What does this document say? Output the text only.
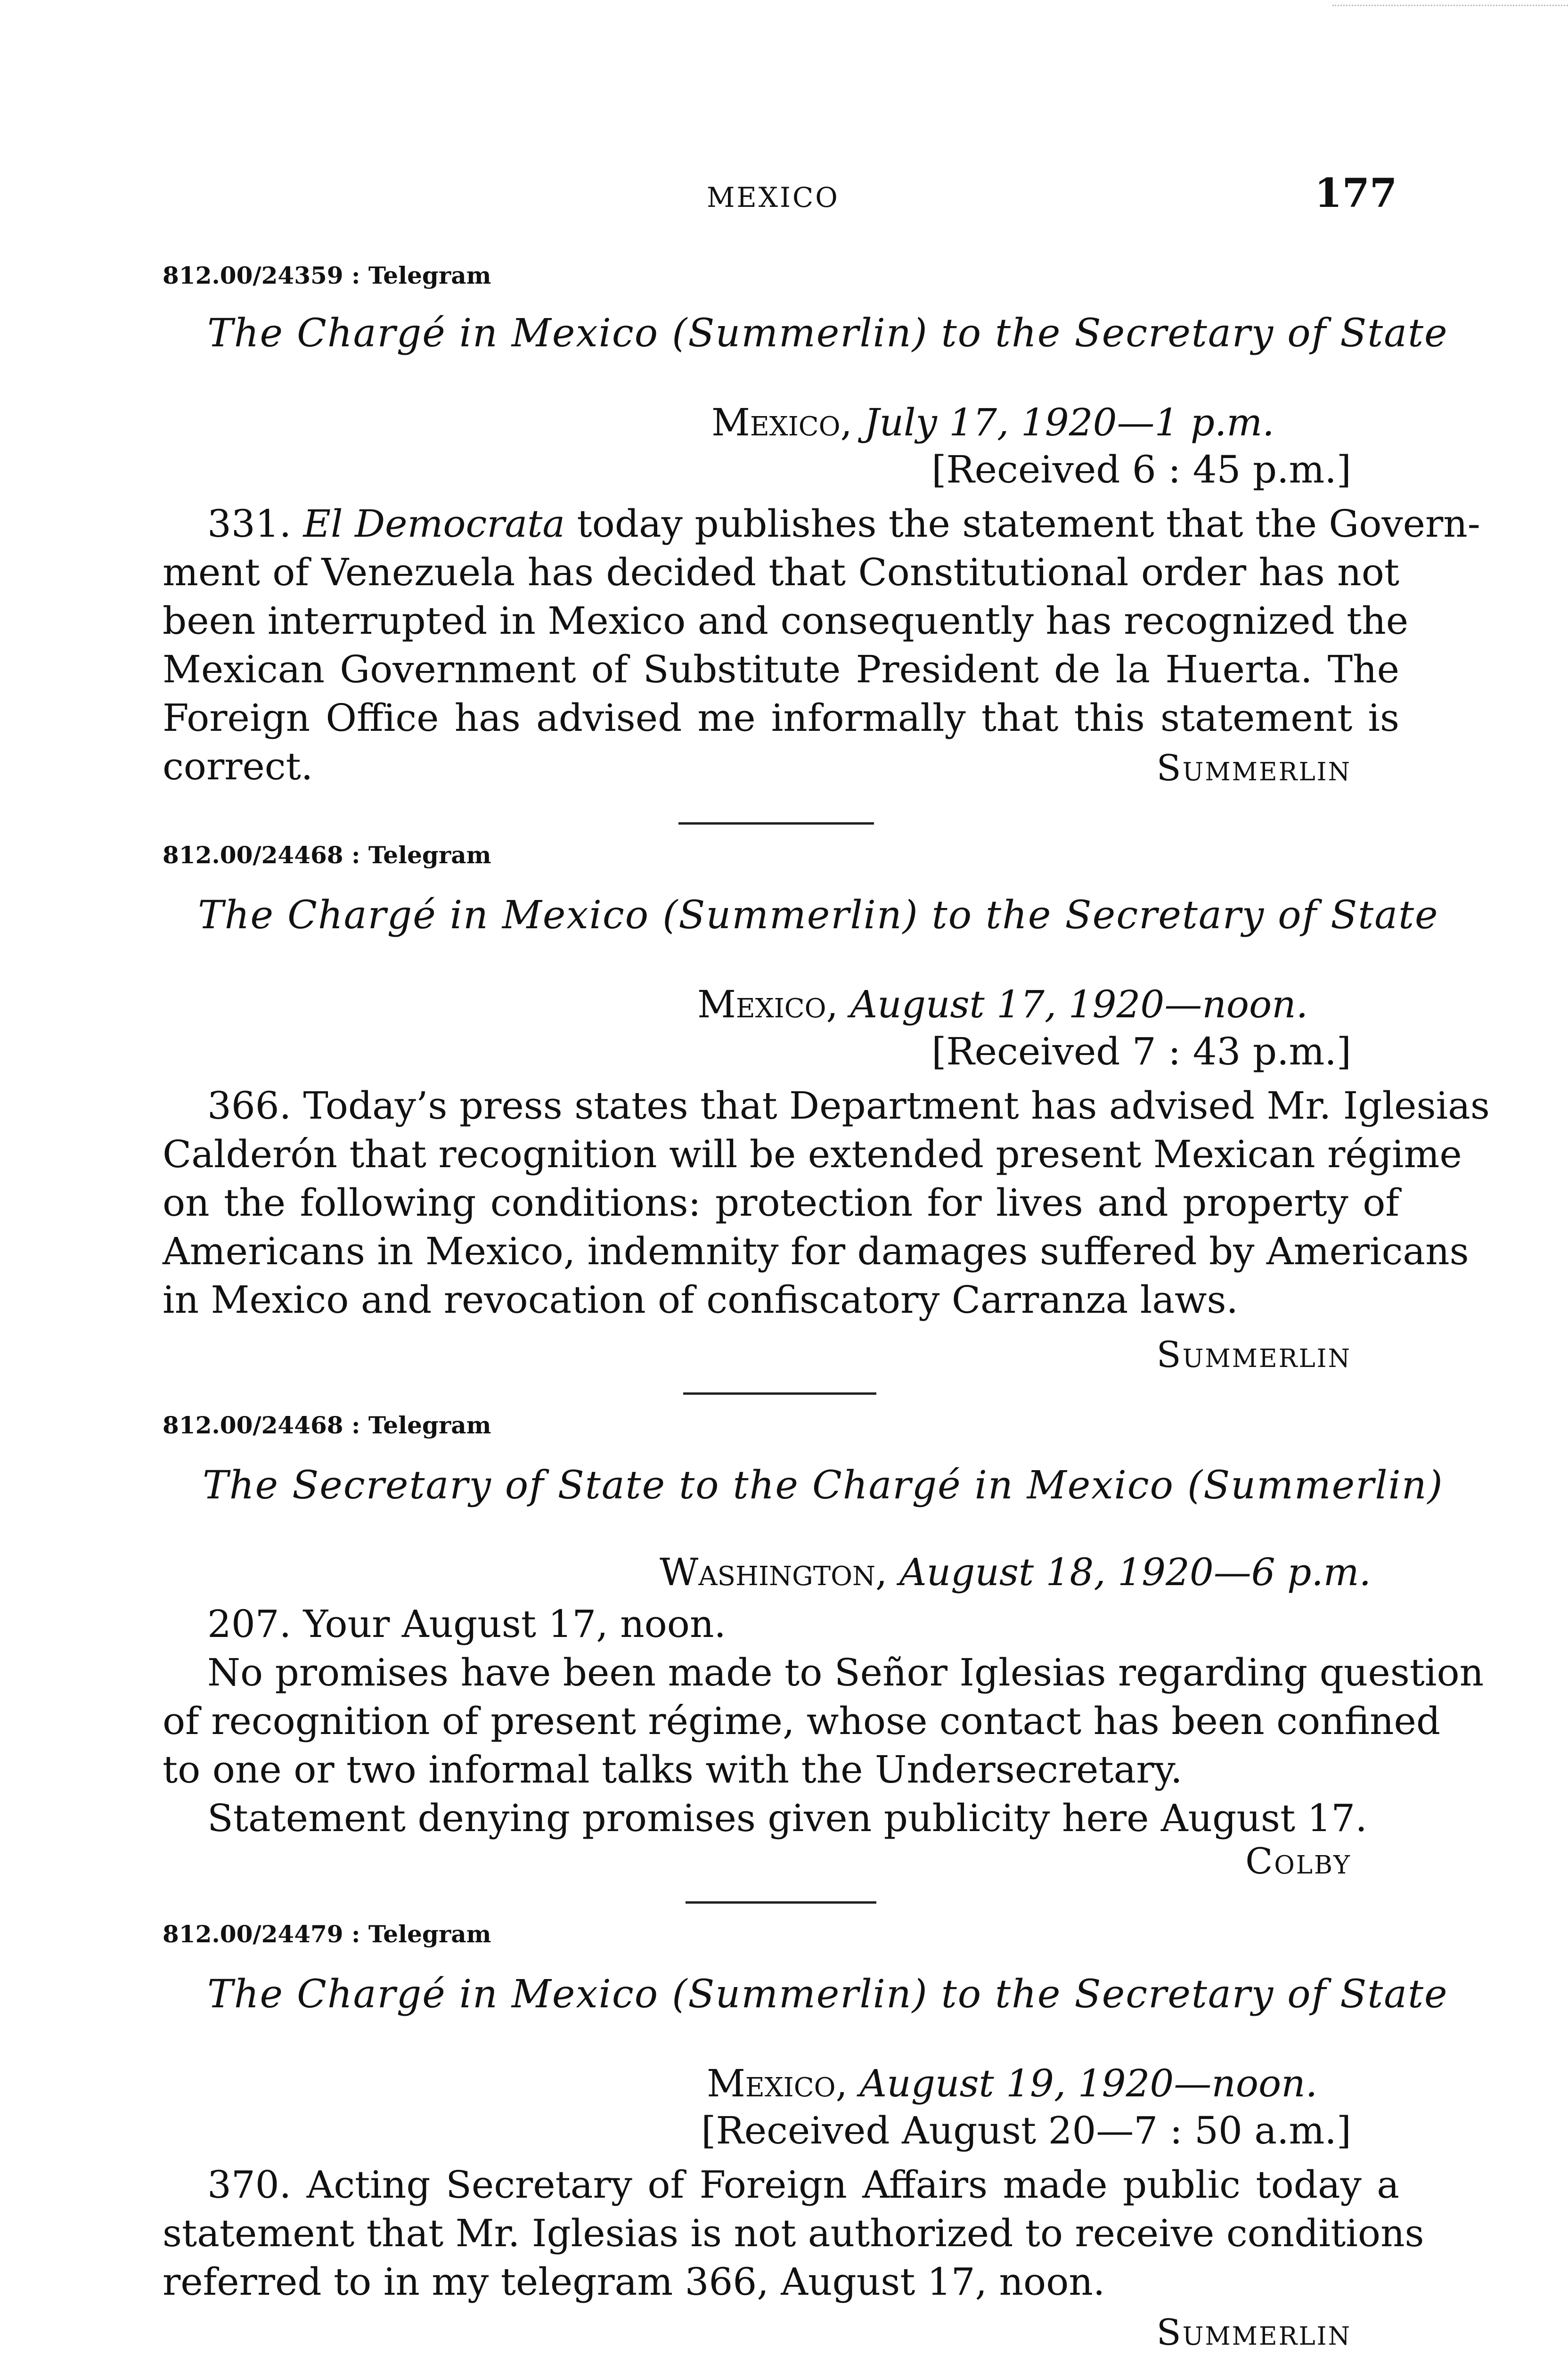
MEXICO	177
812.00/24359 : Telegram
The Chargé in Mexico (Summerlin) to the Secretary of State
Mexico, July 17, 1920—1 p.m.
[Received 6 : 45 p.m.]
331. El Democrata today publishes the statement that the Govern-
ment of Venezuela has decided that Constitutional order has not
been interrupted in Mexico and consequently has recognized the
Mexican Government of Substitute President de la Huerta. The
Foreign Office has advised me informally that this statement is
correct.	Summerlin
812.00/24468 : Telegram
The Chargé in Mexico (Summerlin) to the Secretary of State
Mexico, August 17, 1920—noon.
[Received 7 : 43 p.m.]
366. Today’s press states that Department has advised Mr. Iglesias
Calderón that recognition will be extended present Mexican régime
on the following conditions: protection for lives and property of
Americans in Mexico, indemnity for damages suffered by Americans
in Mexico and revocation of confiscatory Carranza laws.
Summerlin
812.00/24468 : Telegram
The Secretary of State to the Chargé in Mexico (Summerlin)
Washington, August 18, 1920—6 p.m.
207. Your August 17, noon.
No promises have been made to Señor Iglesias regarding question
of recognition of present régime, whose contact has been confined
to one or two informal talks with the Undersecretary.
Statement denying promises given publicity here August 17.
Colby
812.00/24479 : Telegram
The Chargé in Mexico (Summerlin) to the Secretary of State
Mexico, August 19, 1920—noon.
[Received August 20—7 : 50 a.m.]
370. Acting Secretary of Foreign Affairs made public today a
statement that Mr. Iglesias is not authorized to receive conditions
referred to in my telegram 366, August 17, noon.
Summerlin
